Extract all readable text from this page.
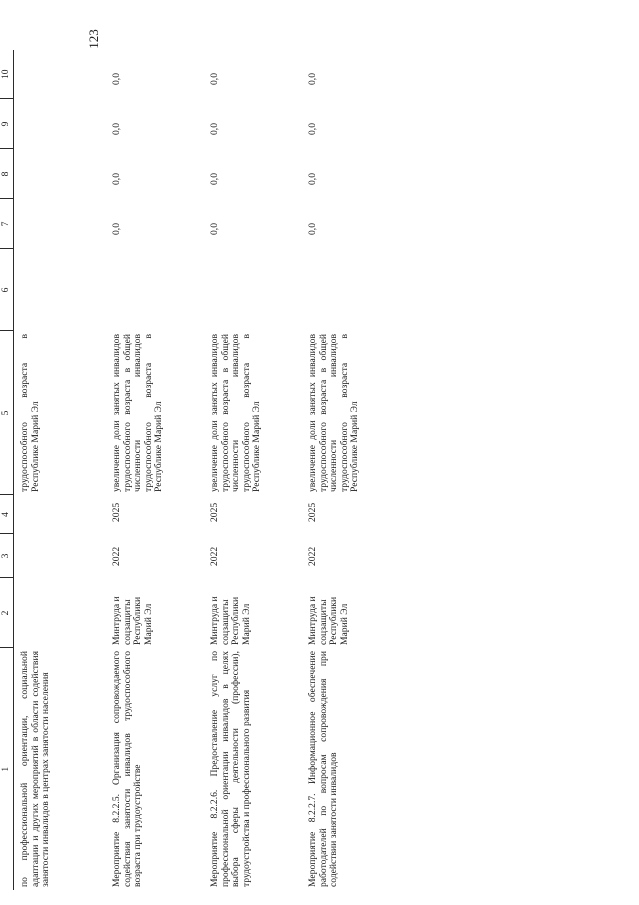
123
1	2	3	4	5	6	7	8	9	10
по профессиональной ориентации, социальной адаптации и других мероприятий в области содействия занятости инвалидов в центрах занятости населения				трудоспособного возраста в Республике Марий Эл					
Мероприятие 8.2.2.5. Организация сопровождаемого содействия занятости инвалидов трудоспособного возраста при трудоустройстве	Минтруда и соцзащиты Республики Марий Эл	2022	2025	увеличение доли занятых инвалидов трудоспособного возраста в общей численности инвалидов трудоспособного возраста в Республике Марий Эл		0,0	0,0	0,0	0,0
Мероприятие 8.2.2.6. Предоставление услуг по профессиональной ориентации инвалидов в целях выбора сферы деятельности (профессии), трудоустройства и профессионального развития	Минтруда и соцзащиты Республики Марий Эл	2022	2025	увеличение доли занятых инвалидов трудоспособного возраста в общей численности инвалидов трудоспособного возраста в Республике Марий Эл		0,0	0,0	0,0	0,0
Мероприятие 8.2.2.7. Информационное обеспечение работодателей по вопросам сопровождения при содействии занятости инвалидов	Минтруда и соцзащиты Республики Марий Эл	2022	2025	увеличение доли занятых инвалидов трудоспособного возраста в общей численности инвалидов трудоспособного возраста в Республике Марий Эл		0,0	0,0	0,0	0,0
